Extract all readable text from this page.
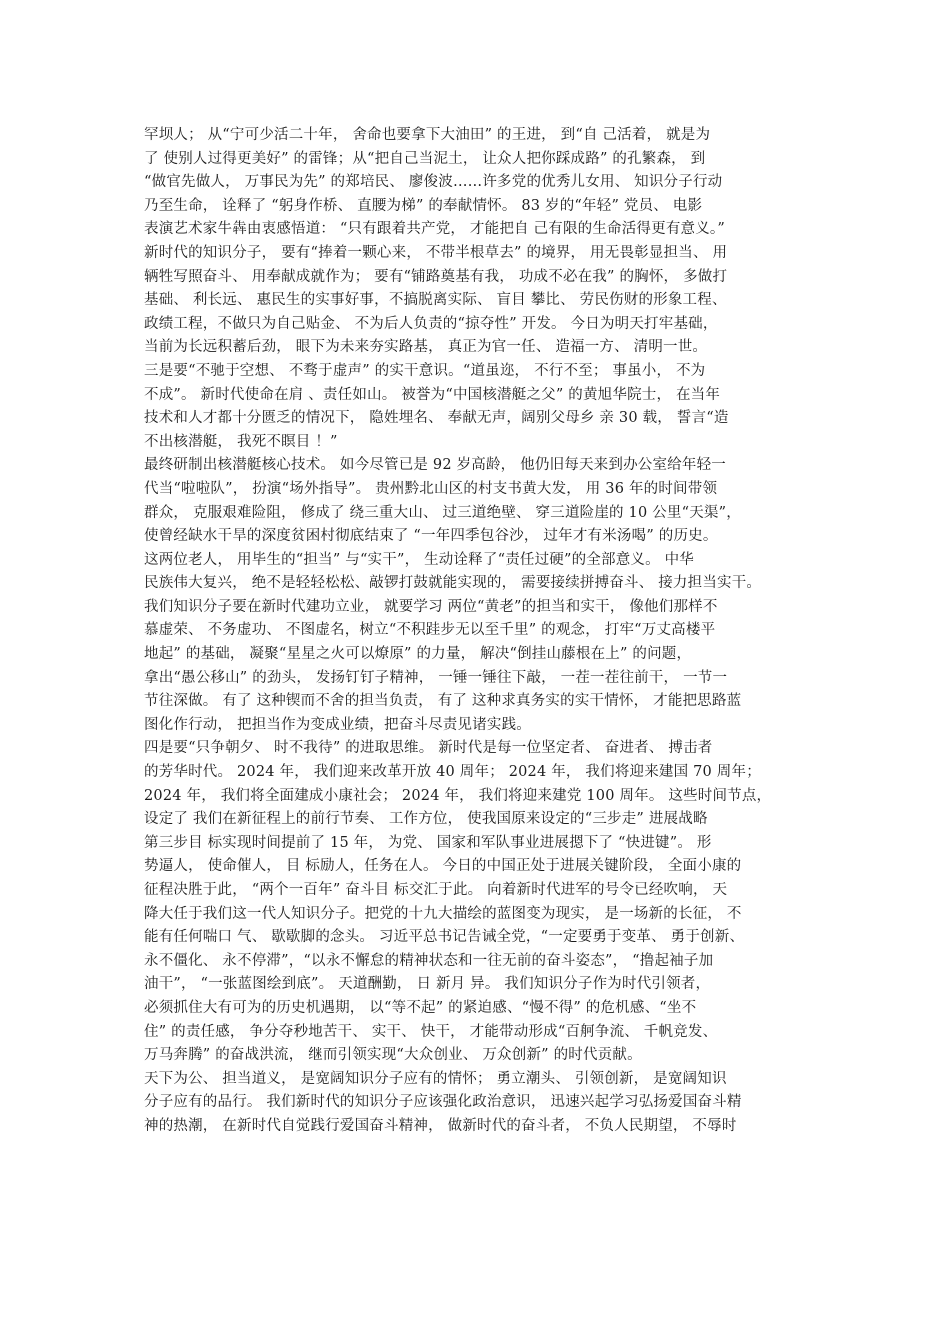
罕坝人； 从“宁可少活二十年， 舍命也要拿下大油田” 的王进， 到“自 己活着， 就是为
了 使别人过得更美好” 的雷锋；从“把自己当泥土， 让众人把你踩成路” 的孔繁森， 到
“做官先做人， 万事民为先” 的郑培民、 廖俊波……许多党的优秀儿女用、 知识分子行动
乃至生命， 诠释了 “躬身作桥、 直腰为梯” 的奉献情怀。 83 岁的“年轻” 党员、 电影
表演艺术家牛犇由衷感悟道： “只有跟着共产党， 才能把自 己有限的生命活得更有意义。”
新时代的知识分子， 要有“捧着一颗心来， 不带半根草去” 的境界， 用无畏彰显担当、 用
辆牲写照奋斗、 用奉献成就作为； 要有“铺路奠基有我， 功成不必在我” 的胸怀， 多做打
基础、 利长远、 惠民生的实事好事，不搞脱离实际、 盲目 攀比、 劳民伤财的形象工程、
政绩工程，不做只为自己贴金、 不为后人负责的“掠夺性” 开发。 今日为明天打牢基础，
当前为长远积蓄后劲， 眼下为未来夯实路基， 真正为官一任、 造福一方、 清明一世。
三是要“不驰于空想、 不骛于虚声” 的实干意识。“道虽迩， 不行不至； 事虽小， 不为
不成”。 新时代使命在肩 、责任如山。 被誉为“中国核潜艇之父” 的黄旭华院士， 在当年
技术和人才都十分匮乏的情况下， 隐姓埋名、 奉献无声，阔别父母乡 亲 30 载， 誓言“造
不出核潜艇， 我死不瞑目 ！”
最终研制出核潜艇核心技术。 如今尽管已是 92 岁高龄， 他仍旧每天来到办公室给年轻一
代当“啦啦队”， 扮演“场外指导”。 贵州黔北山区的村支书黄大发， 用 36 年的时间带领
群众， 克服艰难险阻， 修成了 绕三重大山、 过三道绝壁、 穿三道险崖的 10 公里“天渠”，
使曾经缺水干旱的深度贫困村彻底结束了 “一年四季包谷沙， 过年才有米汤喝” 的历史。
这两位老人， 用毕生的“担当” 与“实干”， 生动诠释了“责任过硬”的全部意义。 中华
民族伟大复兴， 绝不是轻轻松松、敲锣打鼓就能实现的， 需要接续拼搏奋斗、 接力担当实干。
我们知识分子要在新时代建功立业， 就要学习 两位“黄老”的担当和实干， 像他们那样不
慕虚荣、 不务虚功、 不图虚名，树立“不积跬步无以至千里” 的观念， 打牢“万丈高楼平
地起” 的基础， 凝聚“星星之火可以燎原” 的力量， 解决“倒挂山藤根在上” 的问题，
拿出“愚公移山” 的劲头， 发扬钉钉子精神， 一锤一锤往下敲， 一茬一茬往前干， 一节一
节往深做。 有了 这种锲而不舍的担当负责， 有了 这种求真务实的实干情怀， 才能把思路蓝
图化作行动， 把担当作为变成业绩，把奋斗尽责见诸实践。
四是要“只争朝夕、 时不我待” 的进取思维。 新时代是每一位坚定者、 奋进者、 搏击者
的芳华时代。 2024 年， 我们迎来改革开放 40 周年； 2024 年， 我们将迎来建国 70 周年；
2024 年， 我们将全面建成小康社会； 2024 年， 我们将迎来建党 100 周年。 这些时间节点，
设定了 我们在新征程上的前行节奏、 工作方位， 使我国原来设定的“三步走” 进展战略
第三步目 标实现时间提前了 15 年， 为党、 国家和军队事业进展摁下了 “快进键”。 形
势逼人， 使命催人， 目 标励人，任务在人。 今日的中国正处于进展关键阶段， 全面小康的
征程决胜于此， “两个一百年” 奋斗目 标交汇于此。 向着新时代进军的号令已经吹响， 天
降大任于我们这一代人知识分子。把党的十九大描绘的蓝图变为现实， 是一场新的长征， 不
能有任何喘口 气、 歇歇脚的念头。 习近平总书记告诫全党，“一定要勇于变革、 勇于创新、
永不僵化、 永不停滞”，“以永不懈怠的精神状态和一往无前的奋斗姿态”， “撸起袖子加
油干”， “一张蓝图绘到底”。 天道酬勤， 日 新月 异。 我们知识分子作为时代引领者，
必须抓住大有可为的历史机遇期， 以“等不起” 的紧迫感、“慢不得” 的危机感、“坐不
住” 的责任感， 争分夺秒地苦干、 实干、 快干， 才能带动形成“百舸争流、 千帆竞发、
万马奔腾” 的奋战洪流， 继而引领实现“大众创业、 万众创新” 的时代贡献。
天下为公、 担当道义， 是宽阔知识分子应有的情怀； 勇立潮头、 引领创新， 是宽阔知识
分子应有的品行。 我们新时代的知识分子应该强化政治意识， 迅速兴起学习弘扬爱国奋斗精
神的热潮， 在新时代自觉践行爱国奋斗精神， 做新时代的奋斗者， 不负人民期望， 不辱时
